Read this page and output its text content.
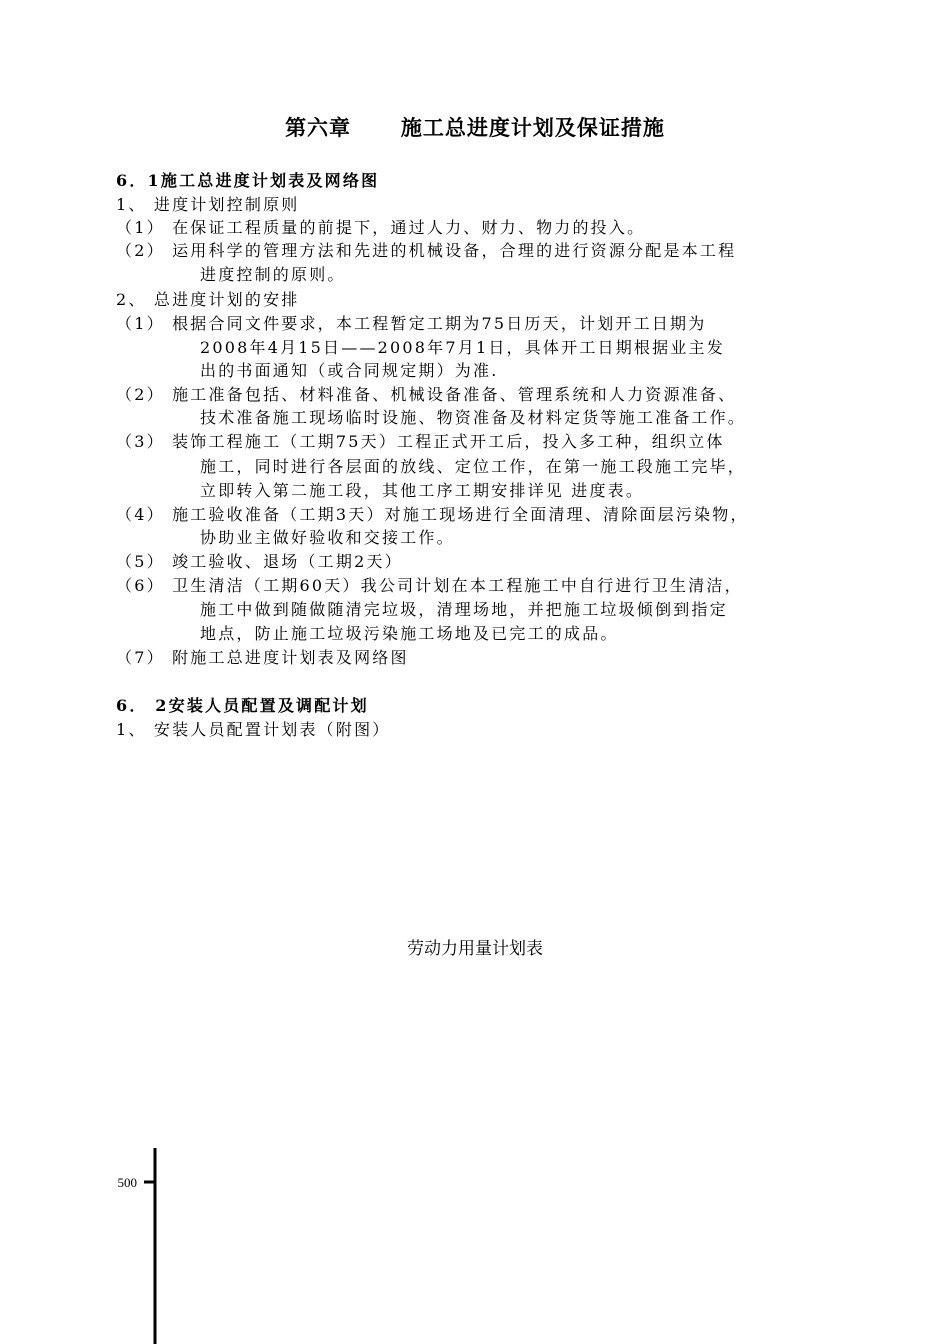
第六章      施工总进度计划及保证措施
6．1施工总进度计划表及网络图
1、 进度计划控制原则
（1） 在保证工程质量的前提下，通过人力、财力、物力的投入。
（2） 运用科学的管理方法和先进的机械设备，合理的进行资源分配是本工程
进度控制的原则。
2、 总进度计划的安排
（1） 根据合同文件要求，本工程暂定工期为75日历天，计划开工日期为
2008年4月15日——2008年7月1日，具体开工日期根据业主发
出的书面通知（或合同规定期）为准.
（2） 施工准备包括、材料准备、机械设备准备、管理系统和人力资源准备、
技术准备施工现场临时设施、物资准备及材料定货等施工准备工作。
（3） 装饰工程施工（工期75天）工程正式开工后，投入多工种，组织立体
施工，同时进行各层面的放线、定位工作，在第一施工段施工完毕，
立即转入第二施工段，其他工序工期安排详见 进度表。
（4） 施工验收准备（工期3天）对施工现场进行全面清理、清除面层污染物，
协助业主做好验收和交接工作。
（5） 竣工验收、退场（工期2天）
（6） 卫生清洁（工期60天）我公司计划在本工程施工中自行进行卫生清洁，
施工中做到随做随清完垃圾，清理场地，并把施工垃圾倾倒到指定
地点，防止施工垃圾污染施工场地及已完工的成品。
（7） 附施工总进度计划表及网络图
6． 2安装人员配置及调配计划
1、 安装人员配置计划表（附图）
劳动力用量计划表
500
